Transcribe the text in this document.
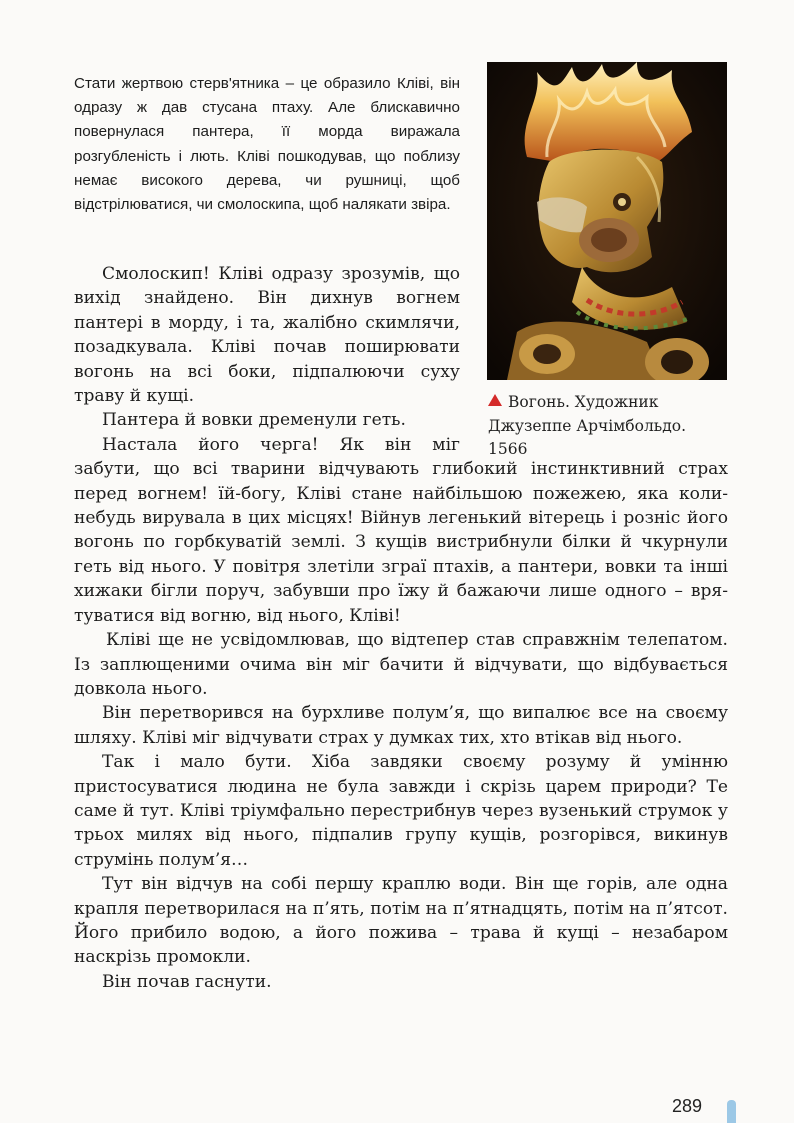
Стати жертвою стерв'ятника – це образило Кліві, він одразу ж дав стусана птаху. Але блискавично повернулася пантера, її морда виражала розгубленість і лють. Кліві пошкодував, що поблизу немає високого дерева, чи рушниці, щоб відстрілюватися, чи смолоскипа, щоб налякати звіра.

Вогонь. Художник
Джузеппе Арчімбольдо.
1566

Смолоскип! Кліві одразу зрозумів, що вихід знайдено. Він дихнув вогнем пантері в морду, і та, жалібно скимлячи, позадкувала. Кліві почав поширювати вогонь на всі боки, підпалюючи суху траву й кущі.

Пантера й вовки дременули геть.

Настала його черга! Як він міг

забути, що всі тварини відчувають глибокий інстинктивний страх перед вогнем! їй-богу, Кліві стане найбільшою пожежею, яка коли-небудь вирувала в цих місцях! Війнув легенький вітерець і розніс його вогонь по горбкуватій землі. З кущів вистрибнули білки й чкурнули геть від нього. У повітря злетіли зграї птахів, а пантери, вовки та інші хижаки бігли поруч, забувши про їжу й бажаючи лише одного – врятуватися від вогню, від нього, Кліві!

Кліві ще не усвідомлював, що відтепер став справжнім телепатом. Із заплющеними очима він міг бачити й відчувати, що відбувається довкола нього.

Він перетворився на бурхливе полум’я, що випалює все на своєму шляху. Кліві міг відчувати страх у думках тих, хто втікав від нього.

Так і мало бути. Хіба завдяки своєму розуму й умінню пристосуватися людина не була завжди і скрізь царем природи? Те саме й тут. Кліві тріумфально перестрибнув через вузенький струмок у трьох милях від нього, підпалив групу кущів, розгорівся, викинув струмінь полум’я…

Тут він відчув на собі першу краплю води. Він ще горів, але одна крапля перетворилася на п’ять, потім на п’ятнадцять, потім на п’ятсот. Його прибило водою, а його пожива – трава й кущі – незабаром наскрізь промокли.

Він почав гаснути.

289
